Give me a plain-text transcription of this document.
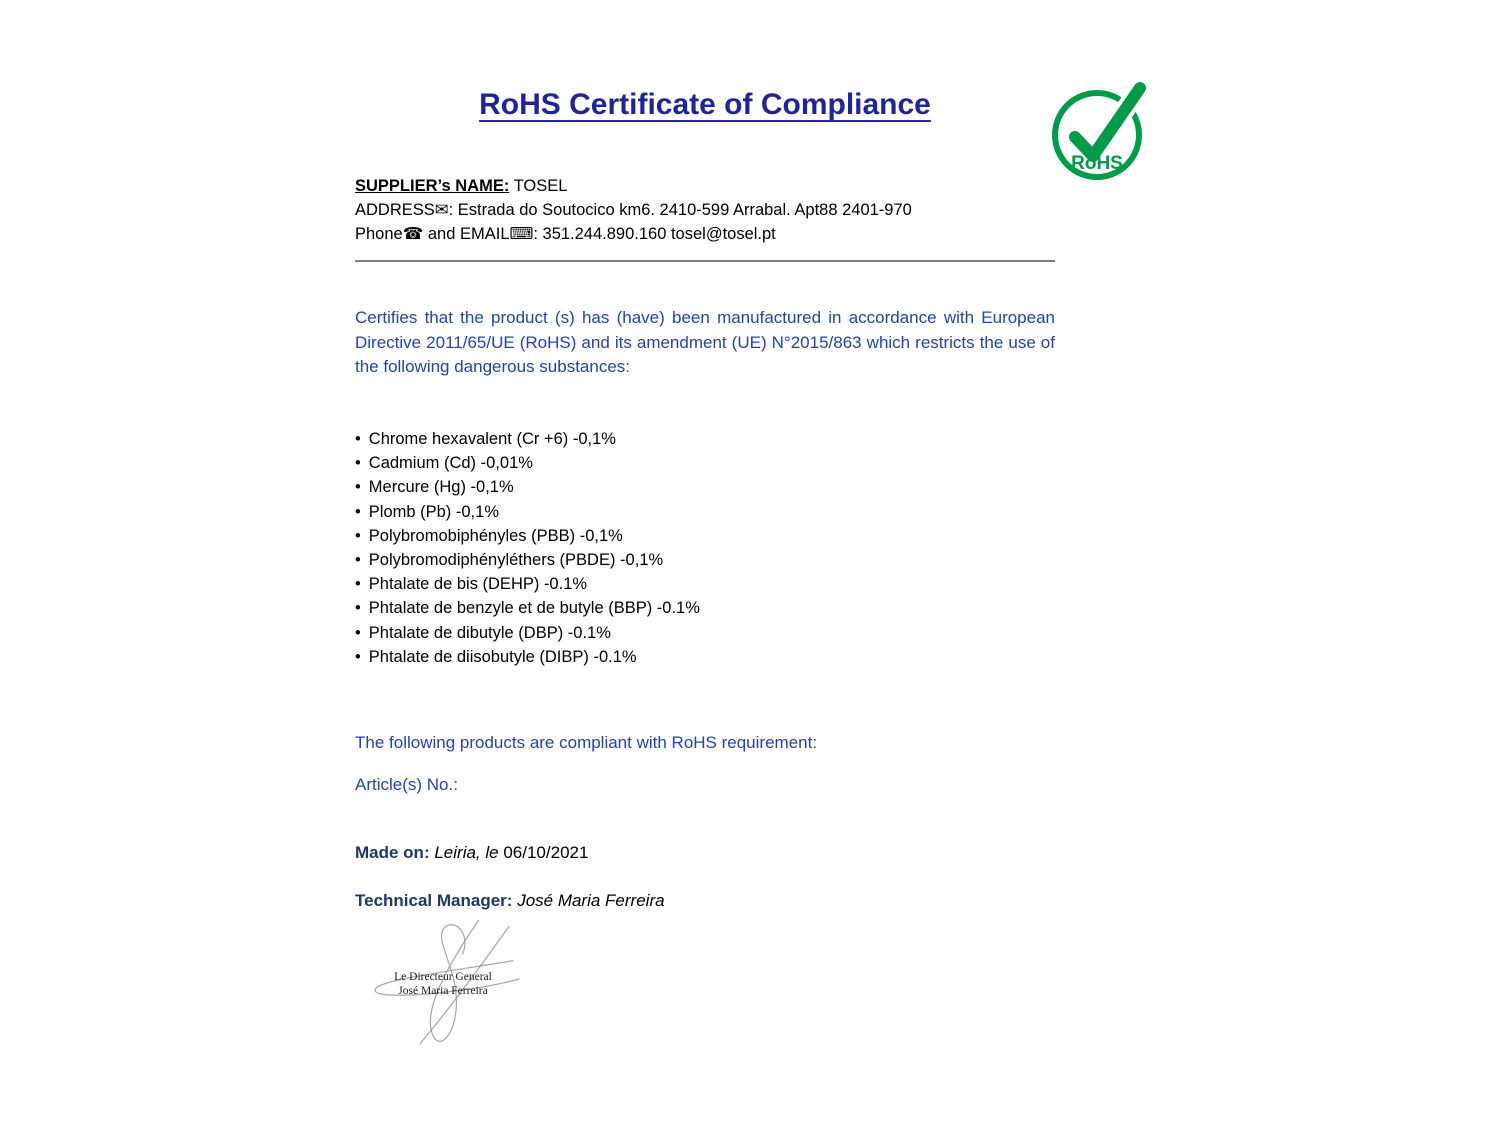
RoHS Certificate of Compliance
RoHS

SUPPLIER’s NAME: TOSEL

ADDRESS✉: Estrada do Soutocico km6. 2410-599 Arrabal. Apt88 2401-970

Phone☎ and EMAIL⌨: 351.244.890.160 tosel@tosel.pt

Certifies that the product (s) has (have) been manufactured in accordance with European Directive 2011/65/UE (RoHS) and its amendment (UE) N°2015/863 which restricts the use of the following dangerous substances:

• Chrome hexavalent (Cr +6) -0,1%
• Cadmium (Cd) -0,01%
• Mercure (Hg) -0,1%
• Plomb (Pb) -0,1%
• Polybromobiphényles (PBB) -0,1%
• Polybromodiphényléthers (PBDE) -0,1%
• Phtalate de bis (DEHP) -0.1%
• Phtalate de benzyle et de butyle (BBP) -0.1%
• Phtalate de dibutyle (DBP) -0.1%
• Phtalate de diisobutyle (DIBP) -0.1%

The following products are compliant with RoHS requirement:

Article(s) No.:

Made on: Leiria, le 06/10/2021

Technical Manager: José Maria Ferreira

Le Directeur General
José Maria Ferreira
